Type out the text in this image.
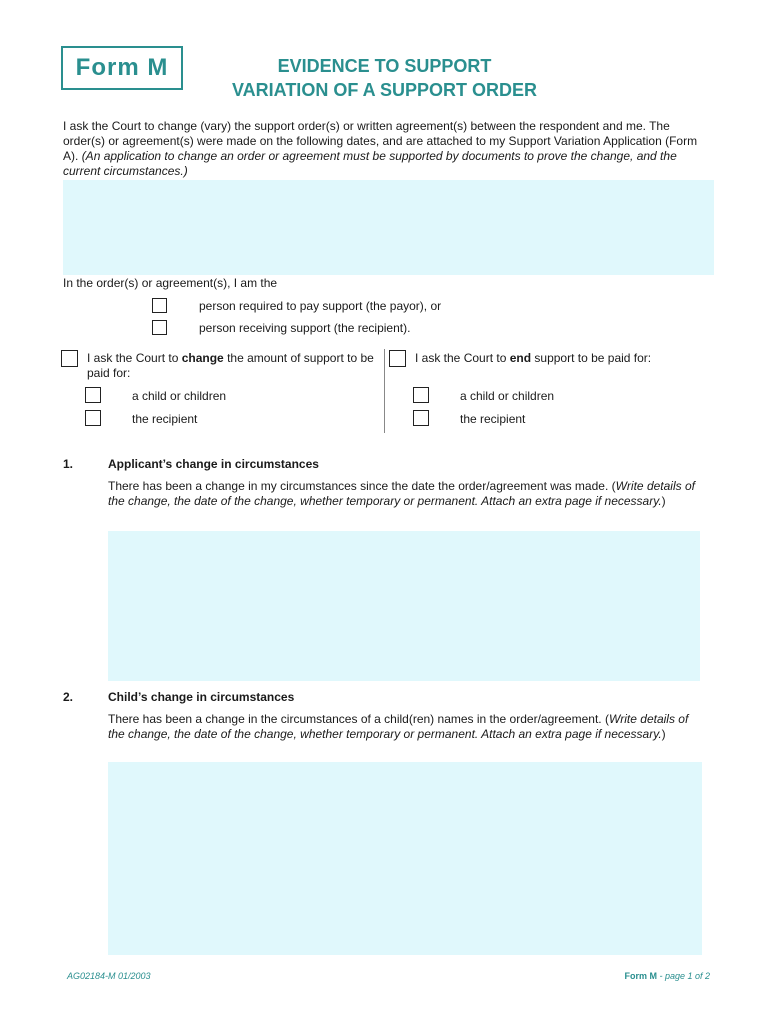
Form M	EVIDENCE TO SUPPORT
VARIATION OF A SUPPORT ORDER
I ask the Court to change (vary) the support order(s) or written agreement(s) between the respondent and me. The order(s) or agreement(s) were made on the following dates, and are attached to my Support Variation Application (Form A). (An application to change an order or agreement must be supported by documents to prove the change, and the current circumstances.)
In the order(s) or agreement(s), I am the
person required to pay support (the payor), or
person receiving support (the recipient).
I ask the Court to change the amount of support to be paid for:
a child or children
the recipient
I ask the Court to end support to be paid for:
a child or children
the recipient
1.	Applicant’s change in circumstances
There has been a change in my circumstances since the date the order/agreement was made. (Write details of the change, the date of the change, whether temporary or permanent. Attach an extra page if necessary.)
2.	Child’s change in circumstances
There has been a change in the circumstances of a child(ren) names in the order/agreement. (Write details of the change, the date of the change, whether temporary or permanent. Attach an extra page if necessary.)
AG02184-M 01/2003	Form M - page 1 of 2
